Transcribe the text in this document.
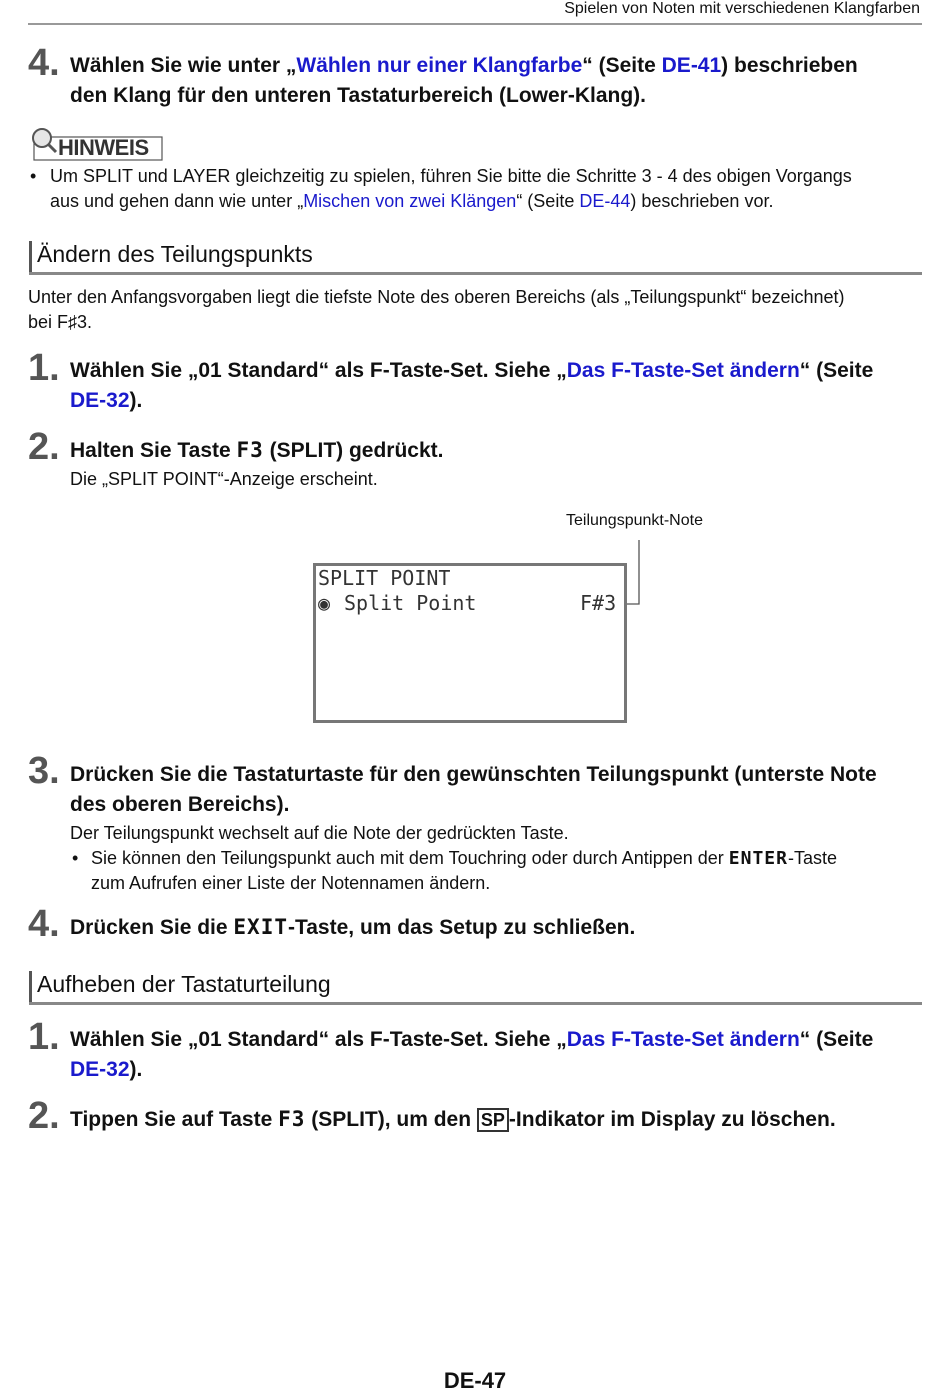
Spielen von Noten mit verschiedenen Klangfarben
4. Wählen Sie wie unter „Wählen nur einer Klangfarbe“ (Seite DE-41) beschrieben
den Klang für den unteren Tastaturbereich (Lower-Klang).
HINWEIS
• Um SPLIT und LAYER gleichzeitig zu spielen, führen Sie bitte die Schritte 3 - 4 des obigen Vorgangs
aus und gehen dann wie unter „Mischen von zwei Klängen“ (Seite DE-44) beschrieben vor.
Ändern des Teilungspunkts
Unter den Anfangsvorgaben liegt die tiefste Note des oberen Bereichs (als „Teilungspunkt“ bezeichnet)
bei F♯3.
1. Wählen Sie „01 Standard“ als F-Taste-Set. Siehe „Das F-Taste-Set ändern“ (Seite
DE-32).
2. Halten Sie Taste F3 (SPLIT) gedrückt.
Die „SPLIT POINT“-Anzeige erscheint.
Teilungspunkt-Note
SPLIT POINT
◉ Split Point	F#3
3. Drücken Sie die Tastaturtaste für den gewünschten Teilungspunkt (unterste Note
des oberen Bereichs).
Der Teilungspunkt wechselt auf die Note der gedrückten Taste.
• Sie können den Teilungspunkt auch mit dem Touchring oder durch Antippen der ENTER-Taste
zum Aufrufen einer Liste der Notennamen ändern.
4. Drücken Sie die EXIT-Taste, um das Setup zu schließen.
Aufheben der Tastaturteilung
1. Wählen Sie „01 Standard“ als F-Taste-Set. Siehe „Das F-Taste-Set ändern“ (Seite
DE-32).
2. Tippen Sie auf Taste F3 (SPLIT), um den SP -Indikator im Display zu löschen.
DE-47
